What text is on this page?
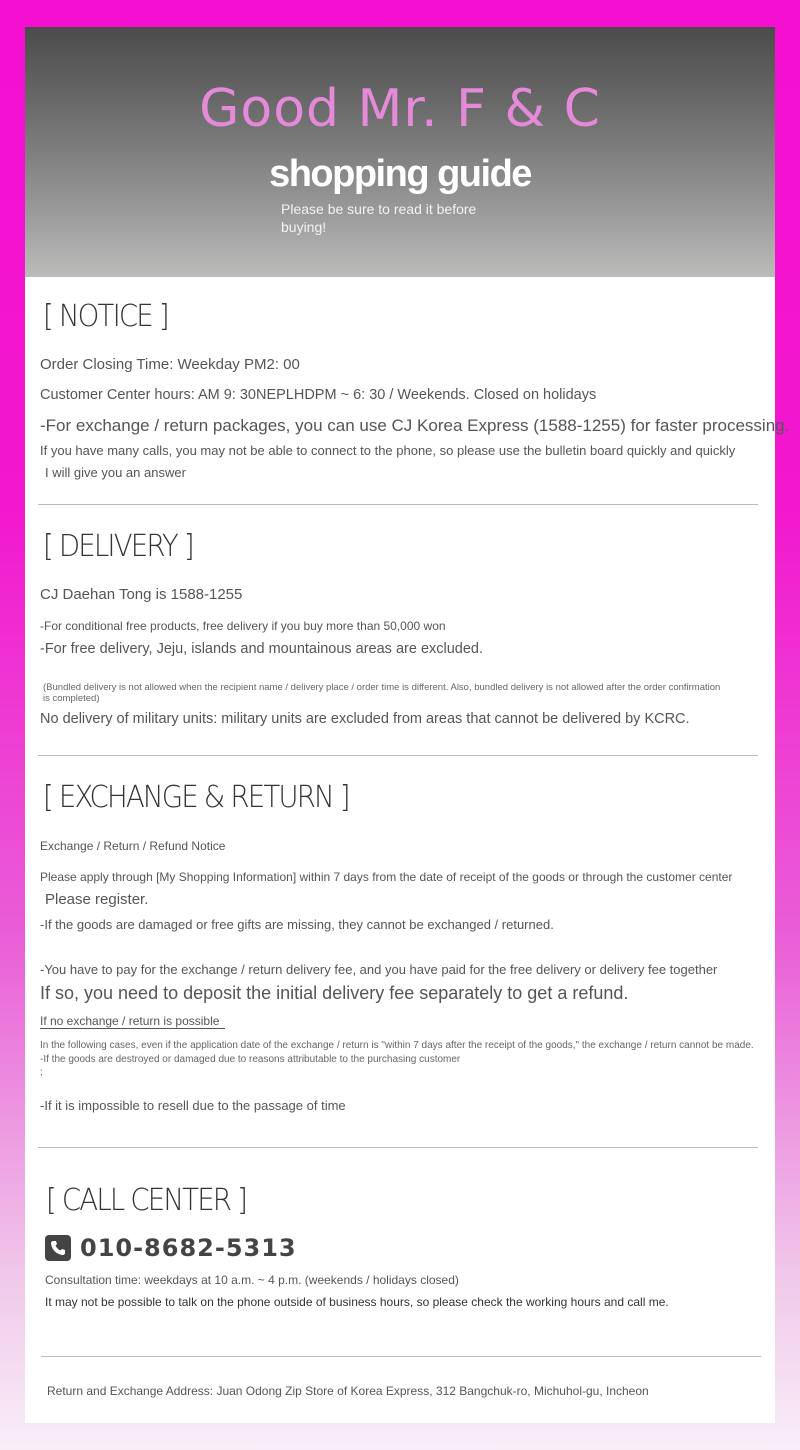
Good Mr. F & C
shopping guide
Please be sure to read it before buying!
[ NOTICE ]
Order Closing Time: Weekday PM2: 00
Customer Center hours: AM 9: 30NEPLHDPM ~ 6: 30 / Weekends. Closed on holidays
-For exchange / return packages, you can use CJ Korea Express (1588-1255) for faster processing.
If you have many calls, you may not be able to connect to the phone, so please use the bulletin board quickly and quickly
I will give you an answer
[ DELIVERY ]
CJ Daehan Tong is 1588-1255
-For conditional free products, free delivery if you buy more than 50,000 won
-For free delivery, Jeju, islands and mountainous areas are excluded.
(Bundled delivery is not allowed when the recipient name / delivery place / order time is different. Also, bundled delivery is not allowed after the order confirmation
is completed)
No delivery of military units: military units are excluded from areas that cannot be delivered by KCRC.
[ EXCHANGE & RETURN ]
Exchange / Return / Refund Notice
Please apply through [My Shopping Information] within 7 days from the date of receipt of the goods or through the customer center
Please register.
-If the goods are damaged or free gifts are missing, they cannot be exchanged / returned.
-You have to pay for the exchange / return delivery fee, and you have paid for the free delivery or delivery fee together
If so, you need to deposit the initial delivery fee separately to get a refund.
If no exchange / return is possible
In the following cases, even if the application date of the exchange / return is "within 7 days after the receipt of the goods," the exchange / return cannot be made.
-If the goods are destroyed or damaged due to reasons attributable to the purchasing customer
;
-If it is impossible to resell due to the passage of time
[ CALL CENTER ]
010-8682-5313
Consultation time: weekdays at 10 a.m. ~ 4 p.m. (weekends / holidays closed)
It may not be possible to talk on the phone outside of business hours, so please check the working hours and call me.
Return and Exchange Address: Juan Odong Zip Store of Korea Express, 312 Bangchuk-ro, Michuhol-gu, Incheon
